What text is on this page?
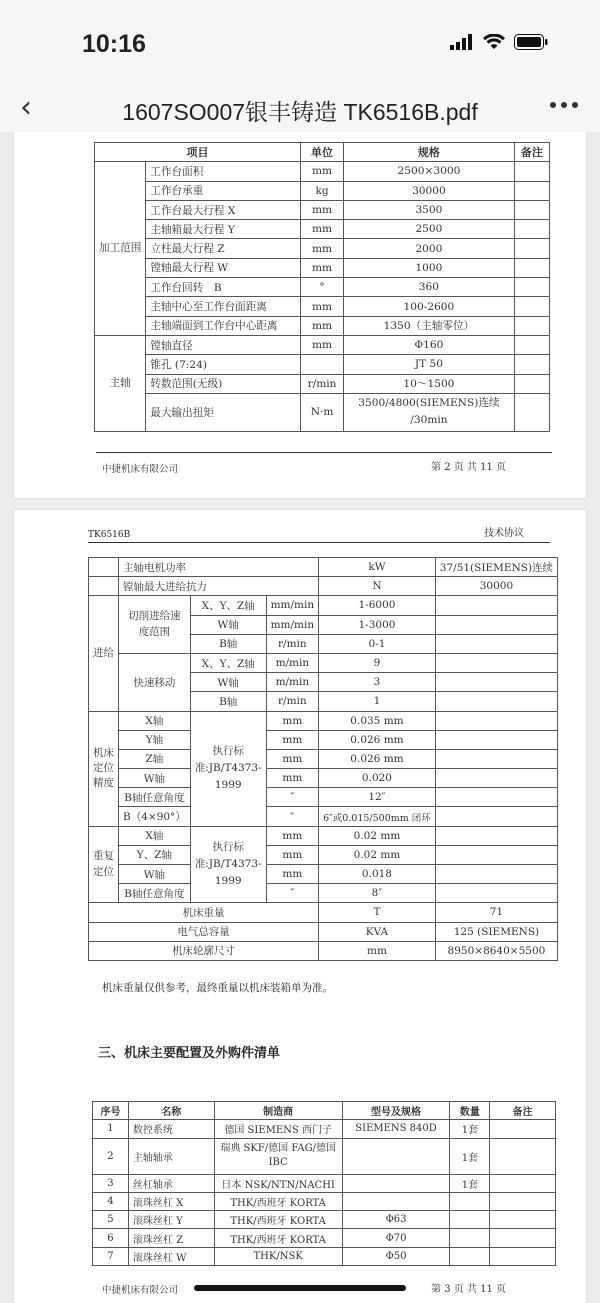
10:16
‹	1607SO007银丰铸造 TK6516B.pdf
项目		单位	规格	备注
加工范围	工作台面积	mm	2500×3000	
	工作台承重	kg	30000	
	工作台最大行程 X	mm	3500	
	主轴箱最大行程 Y	mm	2500	
	立柱最大行程 Z	mm	2000	
	镗轴最大行程 W	mm	1000	
	工作台回转　B	°	360	
	主轴中心至工作台面距离	mm	100-2600	
	主轴端面到工作台中心距离	mm	1350（主轴零位）	
主轴	镗轴直径	mm	Φ160	
	锥孔 (7:24)		JT 50	
	转数范围(无级)	r/min	10～1500	
	最大输出扭矩	N·m	3500/4800(SIEMENS)连续
/30min	
中捷机床有限公司	第 2 页 共 11 页
TK6516B	技术协议
	主轴电机功率			kW	37/51(SIEMENS)连续
	镗轴最大进给抗力			N	30000
进给	切削进给速度范围	X、Y、Z轴	mm/min	1-6000	
		W轴	mm/min	1-3000	
		B轴	r/min	0-1	
	快速移动	X、Y、Z轴	m/min	9	
		W轴	m/min	3	
		B轴	r/min	1	
机床定位精度	X轴	执行标准:JB/T4373-1999	mm	0.035 mm	
	Y轴		mm	0.026 mm	
	Z轴		mm	0.026 mm	
	W轴		mm	0.020	
	B轴任意角度		″	12″	
	B（4×90°）		″	6″或0.015/500mm 闭环	
重复定位	X轴	执行标准:JB/T4373-1999	mm	0.02 mm	
	Y、Z轴		mm	0.02 mm	
	W轴		mm	0.018	
	B轴任意角度		″	8″	
机床重量				T	71
电气总容量				KVA	125 (SIEMENS)
机床轮廓尺寸				mm	8950×8640×5500
机床重量仅供参考，最终重量以机床装箱单为准。
三、机床主要配置及外购件清单
序号	名称	制造商	型号及规格	数量	备注
1	数控系统	德国 SIEMENS 西门子	SIEMENS 840D	1套	
2	主轴轴承	瑞典 SKF/德国 FAG/德国 IBC		1套	
3	丝杠轴承	日本 NSK/NTN/NACHI		1套	
4	滚珠丝杠 X	THK/西班牙 KORTA			
5	滚珠丝杠 Y	THK/西班牙 KORTA	Φ63		
6	滚珠丝杠 Z	THK/西班牙 KORTA	Φ70		
7	滚珠丝杠 W	THK/NSK	Φ50		
中捷机床有限公司	第 3 页 共 11 页
